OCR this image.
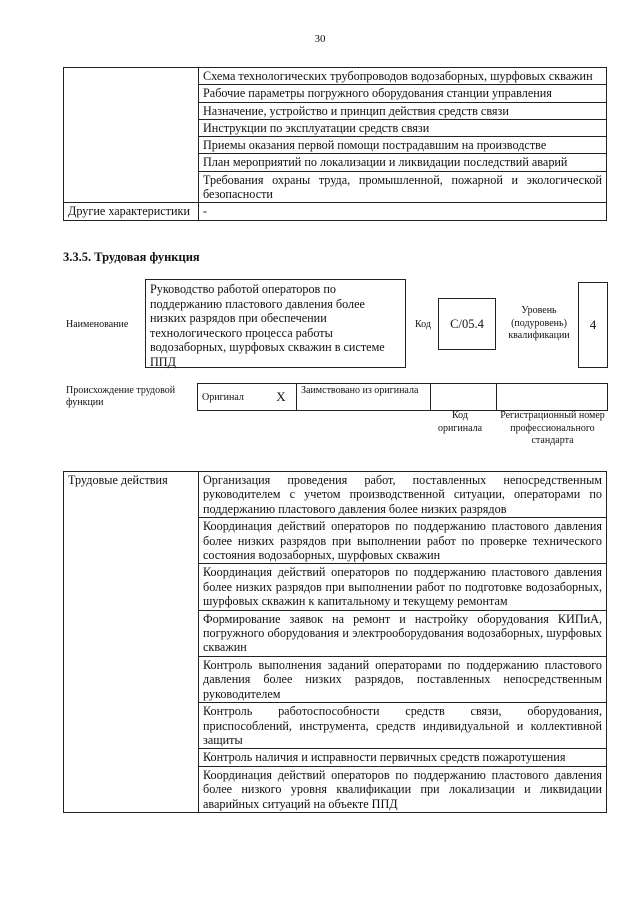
30
	Схема технологических трубопроводов водозаборных, шурфовых скважин
	Рабочие параметры погружного оборудования станции управления
	Назначение, устройство и принцип действия средств связи
	Инструкции по эксплуатации средств связи
	Приемы оказания первой помощи пострадавшим на производстве
	План мероприятий по локализации и ликвидации последствий аварий
	Требования охраны труда, промышленной, пожарной и экологической безопасности
Другие характеристики	-
3.3.5. Трудовая функция
Наименование
Руководство работой операторов по поддержанию пластового давления более низких разрядов при обеспечении технологического процесса работы водозаборных, шурфовых скважин в системе ППД
Код	С/05.4
Уровень (подуровень) квалификации
4
Происхождение трудовой функции	Оригинал	X	Заимствовано из оригинала		
Код оригинала
Регистрационный номер профессионального стандарта
Трудовые действия	Организация проведения работ, поставленных непосредственным руководителем с учетом производственной ситуации, операторами по поддержанию пластового давления более низких разрядов
Координация действий операторов по поддержанию пластового давления более низких разрядов при выполнении работ по проверке технического состояния водозаборных, шурфовых скважин
Координация действий операторов по поддержанию пластового давления более низких разрядов при выполнении работ по подготовке водозаборных, шурфовых скважин к капитальному и текущему ремонтам
Формирование заявок на ремонт и настройку оборудования КИПиА, погружного оборудования и электрооборудования водозаборных, шурфовых скважин
Контроль выполнения заданий операторами по поддержанию пластового давления более низких разрядов, поставленных непосредственным руководителем
Контроль работоспособности средств связи, оборудования, приспособлений, инструмента, средств индивидуальной и коллективной защиты
Контроль наличия и исправности первичных средств пожаротушения
Координация действий операторов по поддержанию пластового давления более низкого уровня квалификации при локализации и ликвидации аварийных ситуаций на объекте ППД
